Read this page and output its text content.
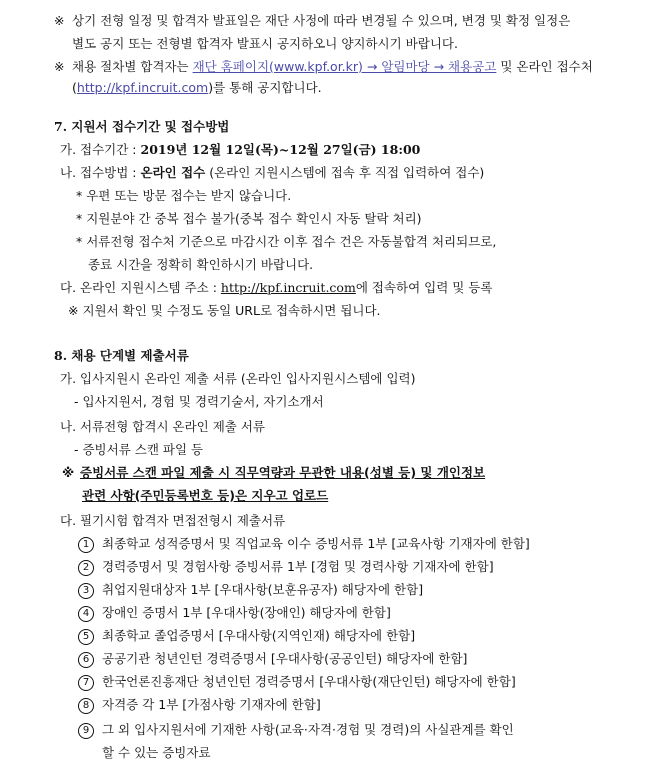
※ 상기 전형 일정 및 합격자 발표일은 재단 사정에 따라 변경될 수 있으며, 변경 및 확정 일정은
별도 공지 또는 전형별 합격자 발표시 공지하오니 양지하시기 바랍니다.
※ 채용 절차별 합격자는 재단 홈페이지(www.kpf.or.kr) → 알림마당 → 채용공고 및 온라인 접수처
(http://kpf.incruit.com)를 통해 공지합니다.
7. 지원서 접수기간 및 접수방법
가. 접수기간 : 2019년 12월 12일(목)~12월 27일(금) 18:00
나. 접수방법 : 온라인 접수 (온라인 지원시스템에 접속 후 직접 입력하여 접수)
* 우편 또는 방문 접수는 받지 않습니다.
* 지원분야 간 중복 접수 불가(중복 접수 확인시 자동 탈락 처리)
* 서류전형 접수처 기준으로 마감시간 이후 접수 건은 자동불합격 처리되므로,
종료 시간을 정확히 확인하시기 바랍니다.
다. 온라인 지원시스템 주소 : http://kpf.incruit.com에 접속하여 입력 및 등록
※ 지원서 확인 및 수정도 동일 URL로 접속하시면 됩니다.
8. 채용 단계별 제출서류
가. 입사지원시 온라인 제출 서류 (온라인 입사지원시스템에 입력)
- 입사지원서, 경험 및 경력기술서, 자기소개서
나. 서류전형 합격시 온라인 제출 서류
- 증빙서류 스캔 파일 등
※ 증빙서류 스캔 파일 제출 시 직무역량과 무관한 내용(성별 등) 및 개인정보
관련 사항(주민등록번호 등)은 지우고 업로드
다. 필기시험 합격자 면접전형시 제출서류
1 최종학교 성적증명서 및 직업교육 이수 증빙서류 1부 [교육사항 기재자에 한함]
2 경력증명서 및 경험사항 증빙서류 1부 [경험 및 경력사항 기재자에 한함]
3 취업지원대상자 1부 [우대사항(보훈유공자) 해당자에 한함]
4 장애인 증명서 1부 [우대사항(장애인) 해당자에 한함]
5 최종학교 졸업증명서 [우대사항(지역인재) 해당자에 한함]
6 공공기관 청년인턴 경력증명서 [우대사항(공공인턴) 해당자에 한함]
7 한국언론진흥재단 청년인턴 경력증명서 [우대사항(재단인턴) 해당자에 한함]
8 자격증 각 1부 [가점사항 기재자에 한함]
9 그 외 입사지원서에 기재한 사항(교육·자격·경험 및 경력)의 사실관계를 확인
할 수 있는 증빙자료
